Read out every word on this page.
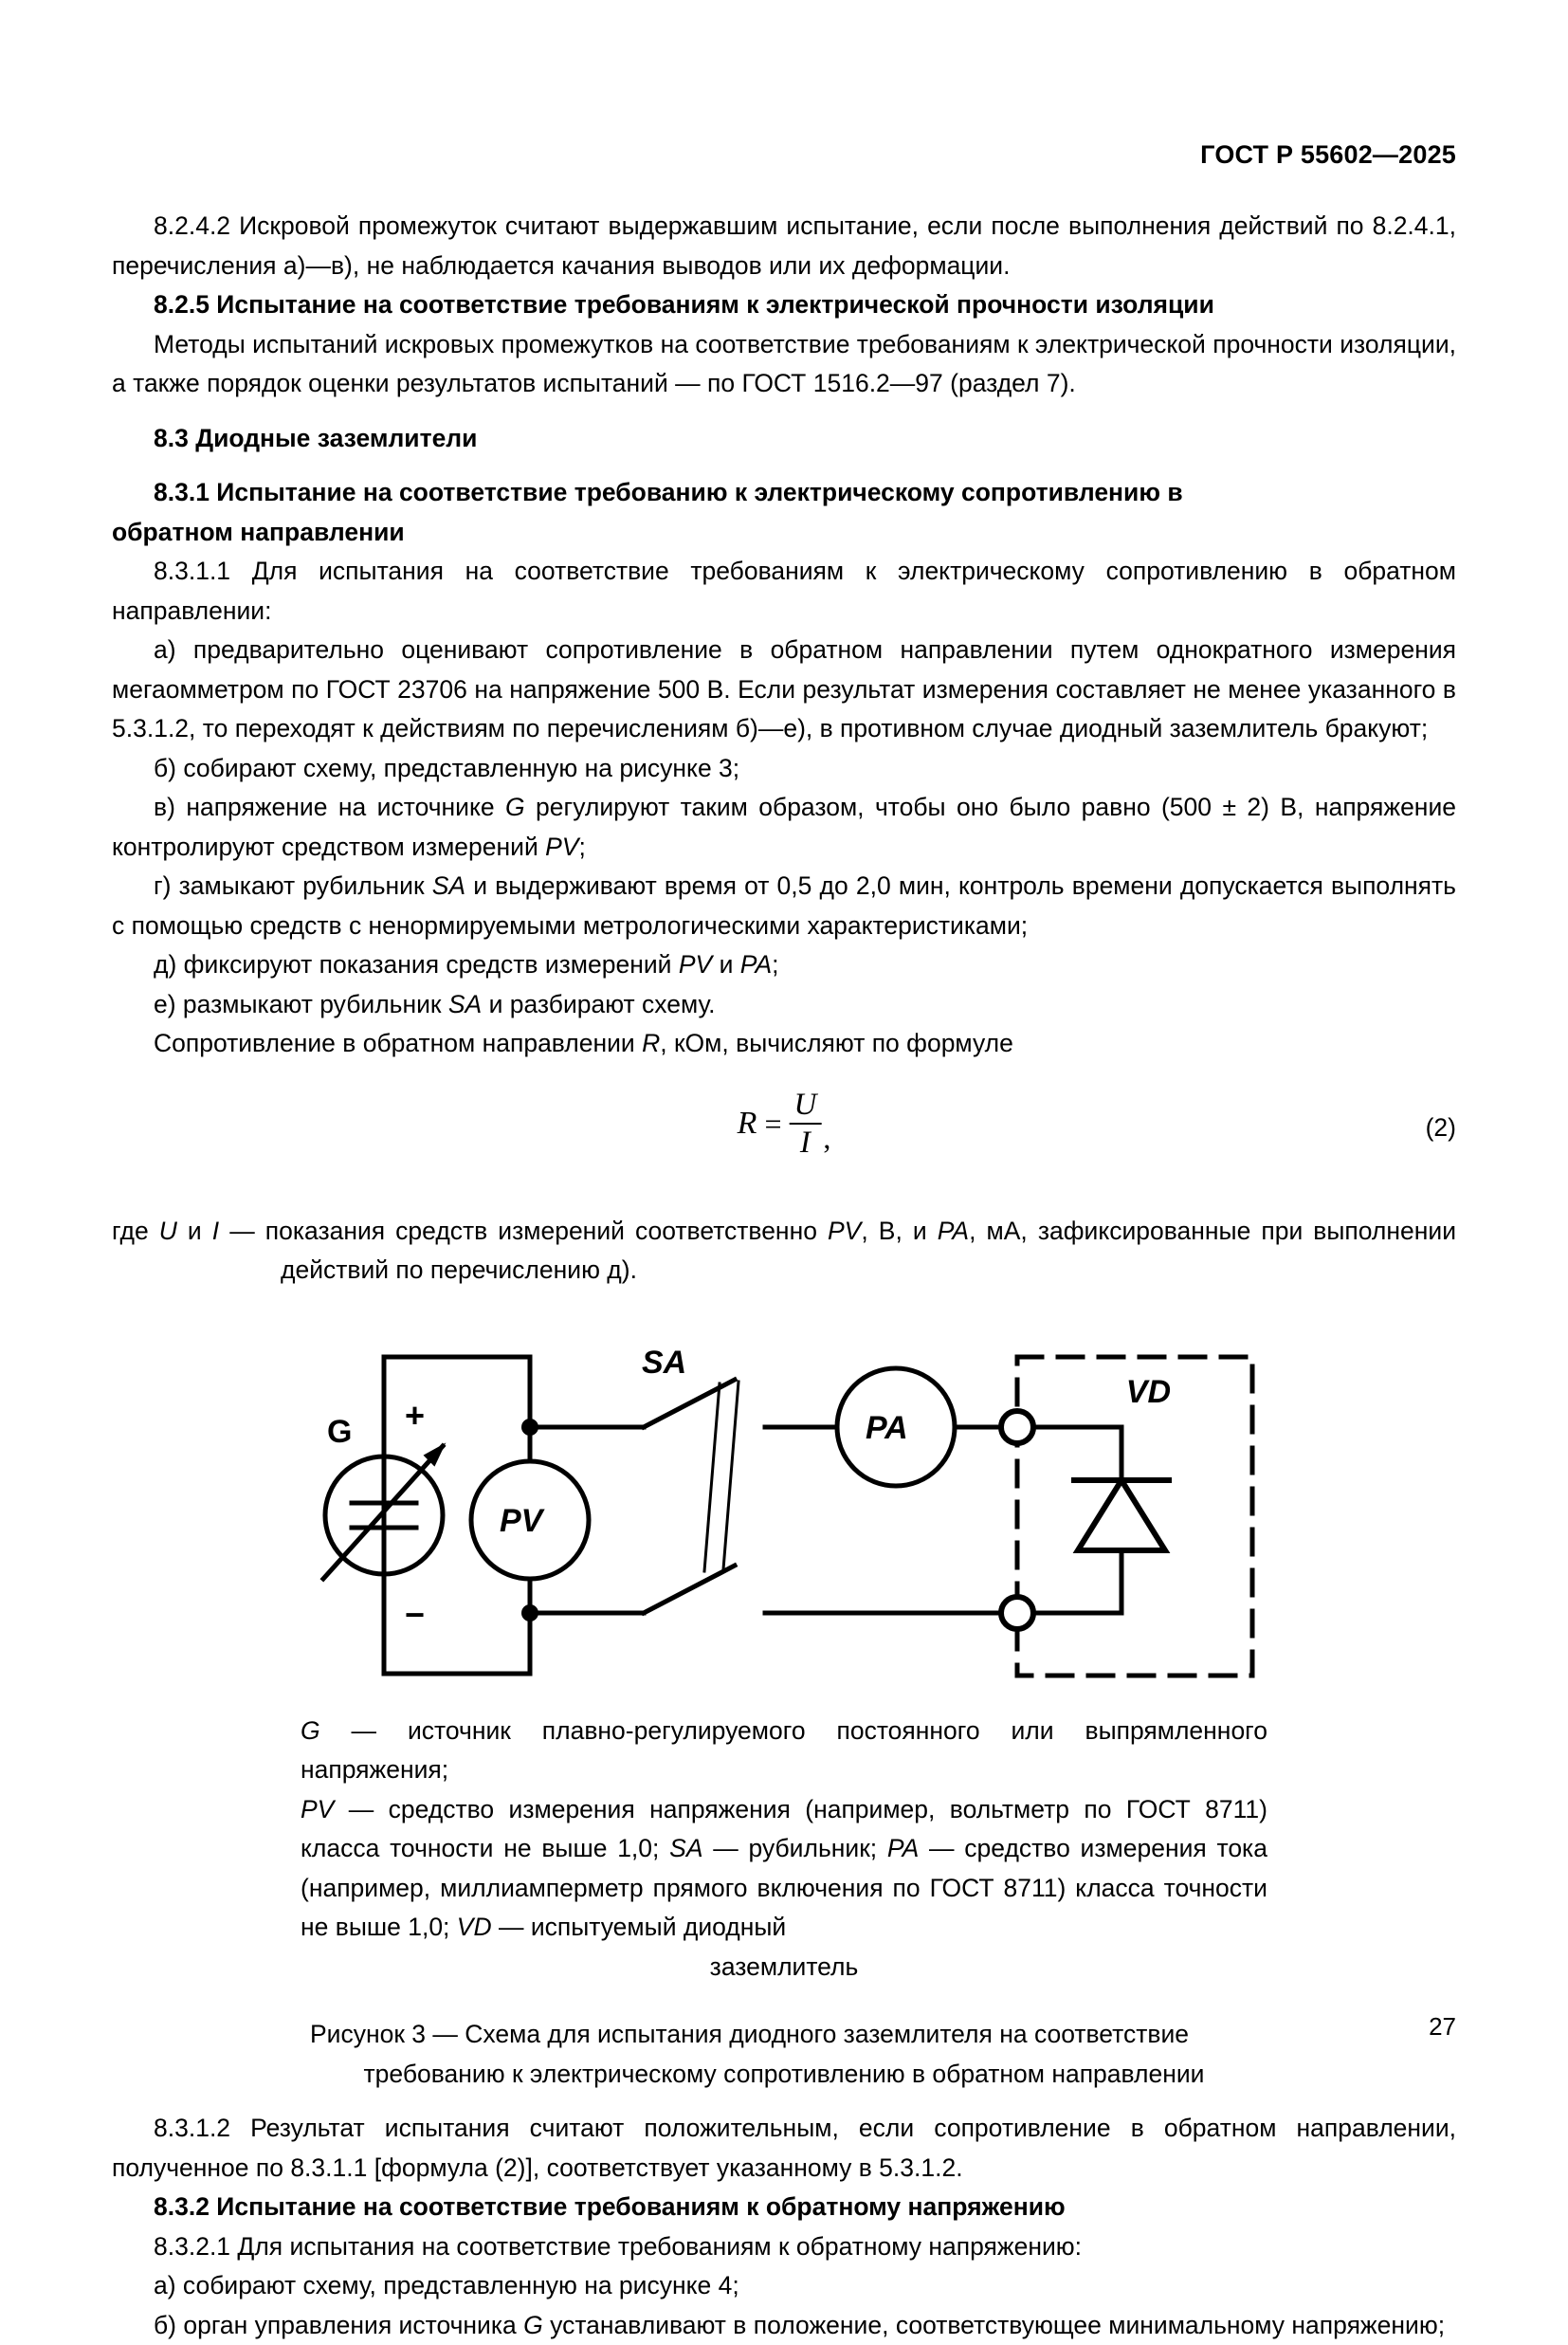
ГОСТ Р 55602—2025

8.2.4.2 Искровой промежуток считают выдержавшим испытание, если после выполнения действий по 8.2.4.1, перечисления а)—в), не наблюдается качания выводов или их деформации.

8.2.5 Испытание на соответствие требованиям к электрической прочности изоляции

Методы испытаний искровых промежутков на соответствие требованиям к электрической прочности изоляции, а также порядок оценки результатов испытаний — по ГОСТ 1516.2—97 (раздел 7).

8.3 Диодные заземлители

8.3.1 Испытание на соответствие требованию к электрическому сопротивлению в

обратном направлении

8.3.1.1 Для испытания на соответствие требованиям к электрическому сопротивлению в обратном направлении:

а) предварительно оценивают сопротивление в обратном направлении путем однократного измерения мегаомметром по ГОСТ 23706 на напряжение 500 В. Если результат измерения составляет не менее указанного в 5.3.1.2, то переходят к действиям по перечислениям б)—е), в противном случае диодный заземлитель бракуют;

б) собирают схему, представленную на рисунке 3;

в) напряжение на источнике G регулируют таким образом, чтобы оно было равно (500 ± 2) В, напряжение контролируют средством измерений PV;

г) замыкают рубильник SA и выдерживают время от 0,5 до 2,0 мин, контроль времени допускается выполнять с помощью средств с ненормируемыми метрологическими характеристиками;

д) фиксируют показания средств измерений PV и PA;

е) размыкают рубильник SA и разбирают схему.

Сопротивление в обратном направлении R, кОм, вычисляют по формуле

$R = \frac{U}{I}$ ,	(2)

где U и I — показания средств измерений соответственно PV, В, и PA, мА, зафиксированные при выполнении действий по перечислению д).

G +
−
PV
SA
PA
VD

G — источник плавно-регулируемого постоянного или выпрямленного напряжения;

PV — средство измерения напряжения (например, вольтметр по ГОСТ 8711) класса точности не выше 1,0; SA — рубильник; PA — средство измерения тока (например, миллиамперметр прямого включения по ГОСТ 8711) класса точности не выше 1,0; VD — испытуемый диодный

заземлитель

Рисунок 3 — Схема для испытания диодного заземлителя на соответствие

требованию к электрическому сопротивлению в обратном направлении

8.3.1.2 Результат испытания считают положительным, если сопротивление в обратном направлении, полученное по 8.3.1.1 [формула (2)], соответствует указанному в 5.3.1.2.

8.3.2 Испытание на соответствие требованиям к обратному напряжению

8.3.2.1 Для испытания на соответствие требованиям к обратному напряжению:

а) собирают схему, представленную на рисунке 4;

б) орган управления источника G устанавливают в положение, соответствующее минимальному напряжению;

27
